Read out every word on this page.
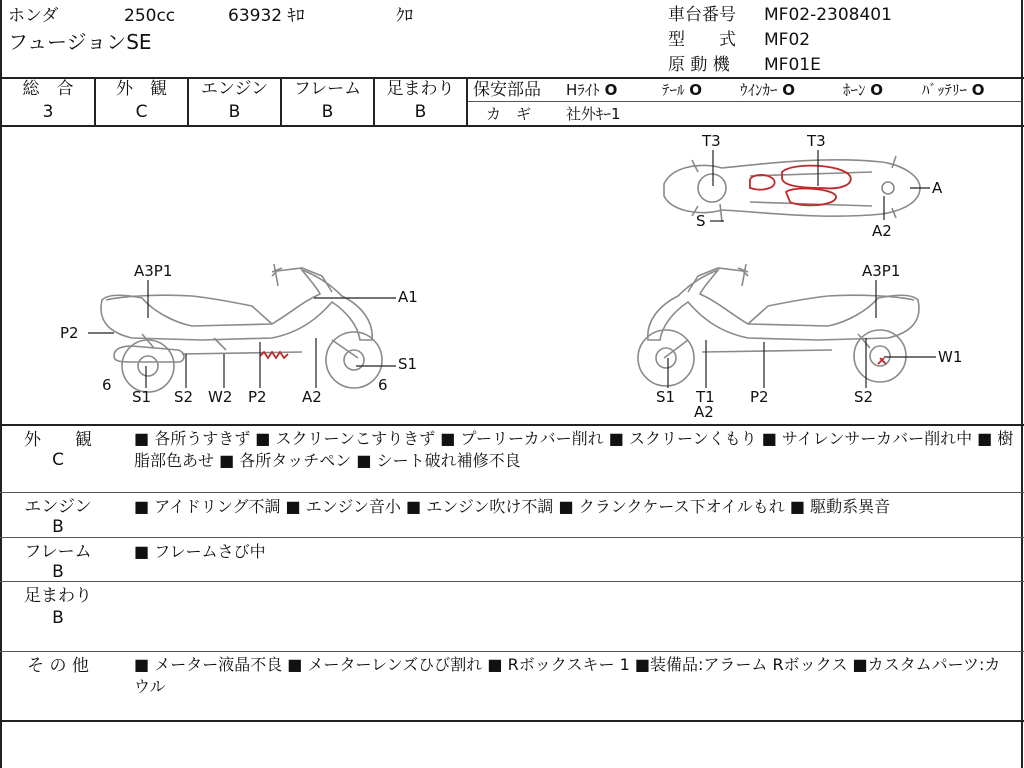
ホンダ	250cc	63932 ｷﾛ	ｸﾛ
フュージョンSE
車台番号 MF02-2308401
型　　式 MF02
原 動 機 MF01E
総　合
3
外　観
C
エンジン
B
フレーム
B
足まわり
B
保安部品 Hﾗｲﾄ O	ﾃｰﾙ O	ｳｲﾝｶｰ O	ﾎｰﾝ O	ﾊﾞｯﾃﾘｰ O
カ　ギ 社外ｷｰ1
T3	T3
S
A
A2
A3P1
A1
P2
S1
6	6
S1 S2 W2 P2 A2
A3P1
W1
S1 T1
A2
P2	S2
外　　観
C
■ 各所うすきず ■ スクリーンこすりきず ■ プーリーカバー削れ ■ スクリーンくもり ■ サイレンサーカバー削れ中 ■ 樹脂部色あせ ■ 各所タッチペン ■ シート破れ補修不良
エンジン
B
■ アイドリング不調 ■ エンジン音小 ■ エンジン吹け不調 ■ クランクケース下オイルもれ ■ 駆動系異音
フレーム
B
■ フレームさび中
足まわり
B
そ の 他	■ メーター液晶不良 ■ メーターレンズひび割れ ■ Rボックスキー 1 ■装備品:アラーム Rボックス ■カスタムパーツ:カウル
